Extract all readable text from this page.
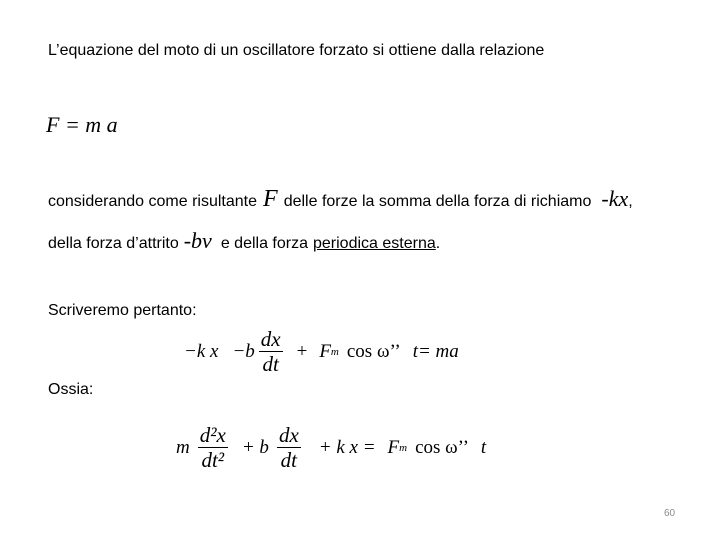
L’equazione del moto di un oscillatore forzato si ottiene dalla relazione
F = m a
considerando come risultante F delle forze la somma della forza di richiamo -kx ,
della forza d’attrito -bv e della forza periodica esterna .
Scriveremo pertanto:
−k $x -b \frac{dx}{dt} + F$ m cos ω’’ t= ma
Ossia:
m $\frac{\text{d²x}}{\text{dt²}} + b \frac{dx}{dt} + k$ x = F m cos ω’’ t
60
